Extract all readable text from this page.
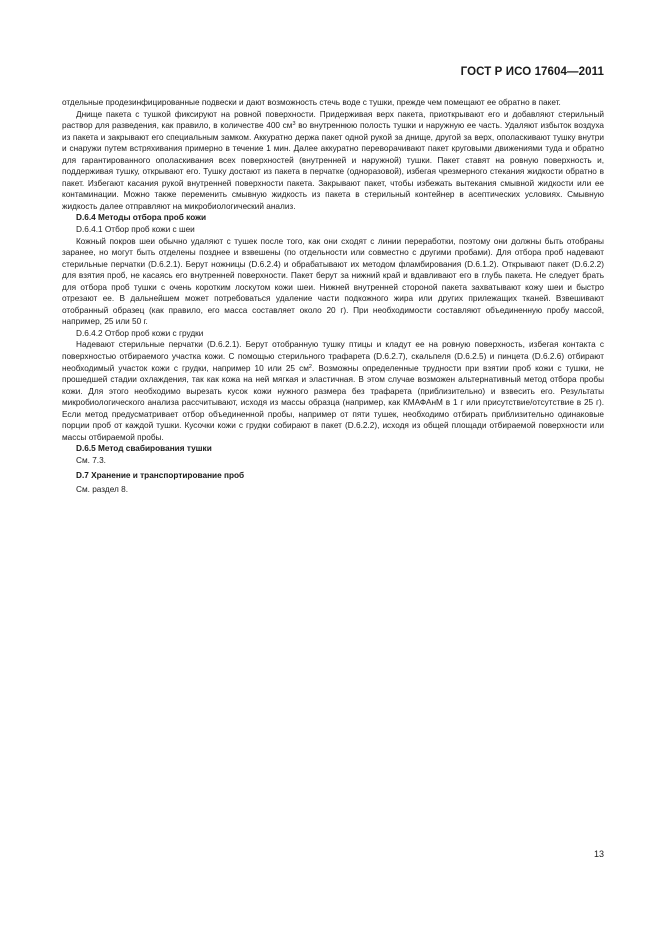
ГОСТ Р ИСО 17604—2011

отдельные продезинфицированные подвески и дают возможность стечь воде с тушки, прежде чем помещают ее обратно в пакет.

Днище пакета с тушкой фиксируют на ровной поверхности. Придерживая верх пакета, приоткрывают его и добавляют стерильный раствор для разведения, как правило, в количестве 400 $см^3$ во внутреннюю полость тушки и наружную ее часть. Удаляют избыток воздуха из пакета и закрывают его специальным замком. Аккуратно держа пакет одной рукой за днище, другой за верх, ополаскивают тушку внутри и снаружи путем встряхивания примерно в течение 1 мин. Далее аккуратно переворачивают пакет круговыми движениями туда и обратно для гарантированного ополаскивания всех поверхностей (внутренней и наружной) тушки. Пакет ставят на ровную поверхность и, поддерживая тушку, открывают его. Тушку достают из пакета в перчатке (одноразовой), избегая чрезмерного стекания жидкости обратно в пакет. Избегают касания рукой внутренней поверхности пакета. Закрывают пакет, чтобы избежать вытекания смывной жидкости или ее контаминации. Можно также переменить смывную жидкость из пакета в стерильный контейнер в асептических условиях. Смывную жидкость далее отправляют на микробиологический анализ.

D.6.4 Методы отбора проб кожи

D.6.4.1 Отбор проб кожи с шеи

Кожный покров шеи обычно удаляют с тушек после того, как они сходят с линии переработки, поэтому они должны быть отобраны заранее, но могут быть отделены позднее и взвешены (по отдельности или совместно с другими пробами). Для отбора проб надевают стерильные перчатки (D.6.2.1). Берут ножницы (D.6.2.4) и обрабатывают их методом фламбирования (D.6.1.2). Открывают пакет (D.6.2.2) для взятия проб, не касаясь его внутренней поверхности. Пакет берут за нижний край и вдавливают его в глубь пакета. Не следует брать для отбора проб тушки с очень коротким лоскутом кожи шеи. Нижней внутренней стороной пакета захватывают кожу шеи и быстро отрезают ее. В дальнейшем может потребоваться удаление части подкожного жира или других прилежащих тканей. Взвешивают отобранный образец (как правило, его масса составляет около 20 г). При необходимости составляют объединенную пробу массой, например, 25 или 50 г.

D.6.4.2 Отбор проб кожи с грудки

Надевают стерильные перчатки (D.6.2.1). Берут отобранную тушку птицы и кладут ее на ровную поверхность, избегая контакта с поверхностью отбираемого участка кожи. С помощью стерильного трафарета (D.6.2.7), скальпеля (D.6.2.5) и пинцета (D.6.2.6) отбирают необходимый участок кожи с грудки, например 10 или 25 $см^2$. Возможны определенные трудности при взятии проб кожи с тушки, не прошедшей стадии охлаждения, так как кожа на ней мягкая и эластичная. В этом случае возможен альтернативный метод отбора пробы кожи. Для этого необходимо вырезать кусок кожи нужного размера без трафарета (приблизительно) и взвесить его. Результаты микробиологического анализа рассчитывают, исходя из массы образца (например, как КМАФАнМ в 1 г или присутствие/отсутствие в 25 г). Если метод предусматривает отбор объединенной пробы, например от пяти тушек, необходимо отбирать приблизительно одинаковые порции проб от каждой тушки. Кусочки кожи с грудки собирают в пакет (D.6.2.2), исходя из общей площади отбираемой поверхности или массы отбираемой пробы.

D.6.5 Метод свабирования тушки

См. 7.3.

D.7 Хранение и транспортирование проб

См. раздел 8.

13
